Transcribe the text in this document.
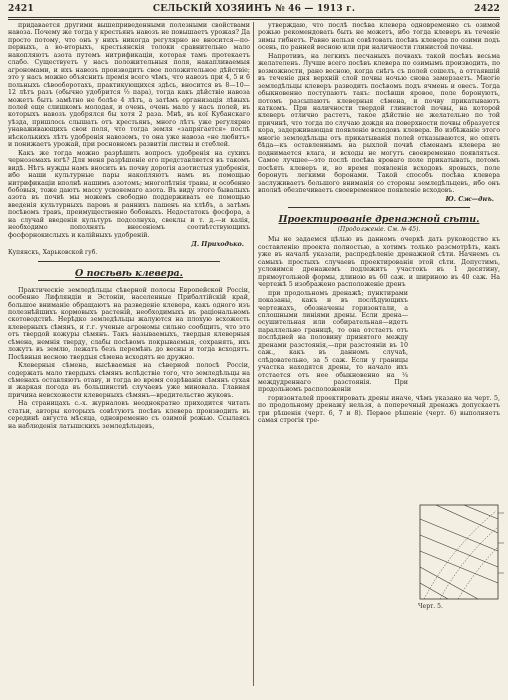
2421	СЕЛЬСКІЙ ХОЗЯИНЪ № 46 — 1913 г.	2422

придавается другими вышеприведенными полезными свойствами навоза. Почему же тогда у крестьянъ навозъ не повышаетъ урожая? Да просто потому, что онъ у нихъ никогда регулярно не вносится—по-первыхъ, а во-вторыхъ, крестьянскія толоки сравнительно мало накопляютъ азота путемъ нитрификаціи, которая тамъ протекаетъ слабо. Существуетъ у насъ положительныя поля, накапливаемыя агрономами, и ихъ навозъ производитъ свое положительное дѣйствіе; это у насъ можно объяснить премія всего чѣмъ, что навозъ при 4, 5 и 6 польныхъ сѣвооборотахъ, практикующихся здѣсь, вносится въ 8—10—12 лѣтъ разъ (обычно удобрится ⅓ пара), тогда какъ дѣйствіе навоза можетъ быть замѣтно не болѣе 4 лѣтъ, а затѣмъ организація лѣвыхъ полей еще слишкомъ молодая, и очень, очень мало у насъ полей, въ которыхъ навозъ удобрялся бы хотя 2 раза. Мнѣ, въ кої Кубанскаго уѣзда, пришлось слышать отъ крестьянъ, много лѣтъ уже регулярно унаваживающихъ свои поля, что тогда земля «запрягается» послѣ нѣсколькихъ лѣтъ удобренія навозомъ, то она уже навоза «не любитъ» и понижаетъ урожай, при росновномъ развитіи листвы и стеблей.

Какъ же тогда можно разрѣшить вопросъ удобренія на сухихъ черноземахъ югѣ? Для меня разрѣшеніе его представляется въ такомъ видѣ. Нѣтъ нужды намъ вносить въ почву дорогія азотистыя удобренія, ибо наши культурные пары накопляютъ намъ въ помощью нитрификаціи вполнѣ нашимъ азотомъ; многолѣтнія травы, и особенно бобовыя, тоже даютъ массу усвояемаго азота. Въ виду этого бывалыхъ азота въ почвѣ мы можемъ свободно поддерживать ее помощью введенія культурныхъ паровъ и раннихъ пашенъ на хлѣбъ, а затѣмъ посѣвомъ травъ, преимущественно бобовыхъ. Недостатокъ фосфора, а на случай введенія культуръ подсолнуха, свеклы и т. д.—и калія, необходимо пополнять внесеніемъ соотвѣтствующихъ фосфорнокислыхъ и калійныхъ удобреній.

Д. Приходько.

Купянскъ, Харьковской губ.

О посѣвѣ клевера.

Практическіе земледѣльцы сѣверной полосы Европейской Россіи, особенно Лифляндіи и Эстоніи, населенные Прибалтійскій край, большое вниманіе обращаютъ на разведеніе клевера, какъ одного изъ полезнѣйшихъ кормовыхъ растеній, необходимыхъ въ раціональномъ скотоводствѣ. Нерѣдко земледѣльцы жалуются на плохую всхожесть клеверныхъ сѣмянъ, и г.г. ученые агрономы сильно сообщить, что это отъ твердой кожуры сѣмянъ. Такъ называемыхъ, твердыя клеверныя сѣмена, немнія тверду, слабы посѣвомъ покрываемыя, сохранять, ихъ ложутъ въ землю, лежатъ безъ перемѣнъ до весны и тогда всходятъ. Посѣвныя весною твердыя сѣмена всходятъ не дружно.

Клеверныя сѣмена, высѣваемыя на сѣверной полосѣ Россіи, содержать мало твердыхъ сѣмянъ вслѣдствіе того, что земледѣльцы на сѣменахъ оставляютъ отаву, и тогда во время созрѣванія сѣмянъ сухая и жаркая погода въ большинствѣ случаевъ уже миновала. Главная причина невсхожести клеверныхъ сѣмянъ—вредительство жуковъ.

На страницахъ с.-х. журналовъ неоднократно приходится читать статьи, авторы которыхъ совѣтуютъ посѣвъ клевера производить въ серединѣ августа мѣсяца, одновременно съ озимой рожью. Ссылаясь на наблюденія латышскихъ земледѣльцевъ,

утверждаю, что послѣ посѣва клевера одновременно съ озимой рожью рекомендовать быть не можетъ, ибо тогда клеверъ въ теченіе зимы гибнетъ. Равно нельзя совѣтовать посѣвъ клевера по озими подъ осень, по ранней весною или при наличности глинистой почвы.

Напротивъ, на легкихъ песчаныхъ почвахъ такой посѣвъ весьма желателенъ. Лучше всего посѣвъ клевера по озимымъ производить, по возможности, рано весною, когда снѣгъ съ полей сошелъ, а оттаявшій въ теченіе дня верхній слой почвы ночью снова замерзаетъ. Многіе земледѣльцы клеверъ разводить посѣвомъ подъ ячмень и овесъ. Тогда обыкновенно поступаютъ такъ: посѣвши яровое, поле боронуютъ, потомъ разсыпаютъ клеверныя сѣмена, и почву прикатываютъ каткомъ. При наличности твердой глинистой почвы, на которой клеверъ отлично растетъ, такое дѣйствіе не желательно по той причинѣ, что тогда по случаю дождя на поверхности почвы образуется кора, задерживающая появленіе всходовъ клевера. Во избѣжаніе этого многіе земледѣльцы отъ прикатыванія полей отказываются, но опять бѣда—къ оставленнымъ на рыхлой почвѣ сѣменамъ клевера не поднимается влага, и всходы не могутъ своевременно появляться. Самое лучшее—это послѣ посѣва яроваго поле прикатывать, потомъ посѣять клеверъ и, во время появленія всходовъ яровыхъ, поле боронуть легкими боронами. Такой способъ посѣва клевера заслуживаетъ большого вниманія со стороны земледѣльцевъ, ибо онъ вполнѣ обезпечиваетъ своевременное появленіе всходовъ.

Ю. Сж—днъ.
Проектированіе дренажной сѣти.
(Продолженіе. См. № 45).

Мы не задаемся цѣлью въ данномъ очеркѣ дать руководство къ составленію проекта полностью, а хотимъ только разсмотрѣть, какъ уже въ началѣ указали, распредѣленіе дренажной сѣти. Начнемъ съ самыхъ простыхъ случаевъ проектированія этой сѣти. Допустимъ, условимся дренажемъ подлежитъ участокъ въ 1 десятину, прямоугольной формы, длиною въ 60 саж. и шириною въ 40 саж. На чертежѣ 5 изображено расположеніе дренъ

при продольномъ дренажѣ; пунктирами показаны, какъ и въ послѣдующихъ чертежахъ, обозначены горизонтали, а сплошными линіями дрены. Если дрена—осушительная или собирательная—идетъ параллельно границѣ, то она отстаетъ отъ послѣдней на половину принятого между дренами разстоянія,—при разстояніи въ 10 саж., какъ въ данномъ случаѣ, слѣдовательно, за 5 саж. Если у границы участка находятся дрены, то начало ихъ отстается отъ нее обыкновенно на ¼ междудреннаго разстоянія. При продольномъ расположеніи

горизонталей проектировать дрены иначе, чѣмъ указано на черт. 5, по продольному дренажу нельзя, а поперечный дренажъ допускаетъ три рѣшенія (черт. 6, 7 и 8). Первое рѣшеніе (черт. 6) выполняетъ самая строгія тре-

Черт. 5.
